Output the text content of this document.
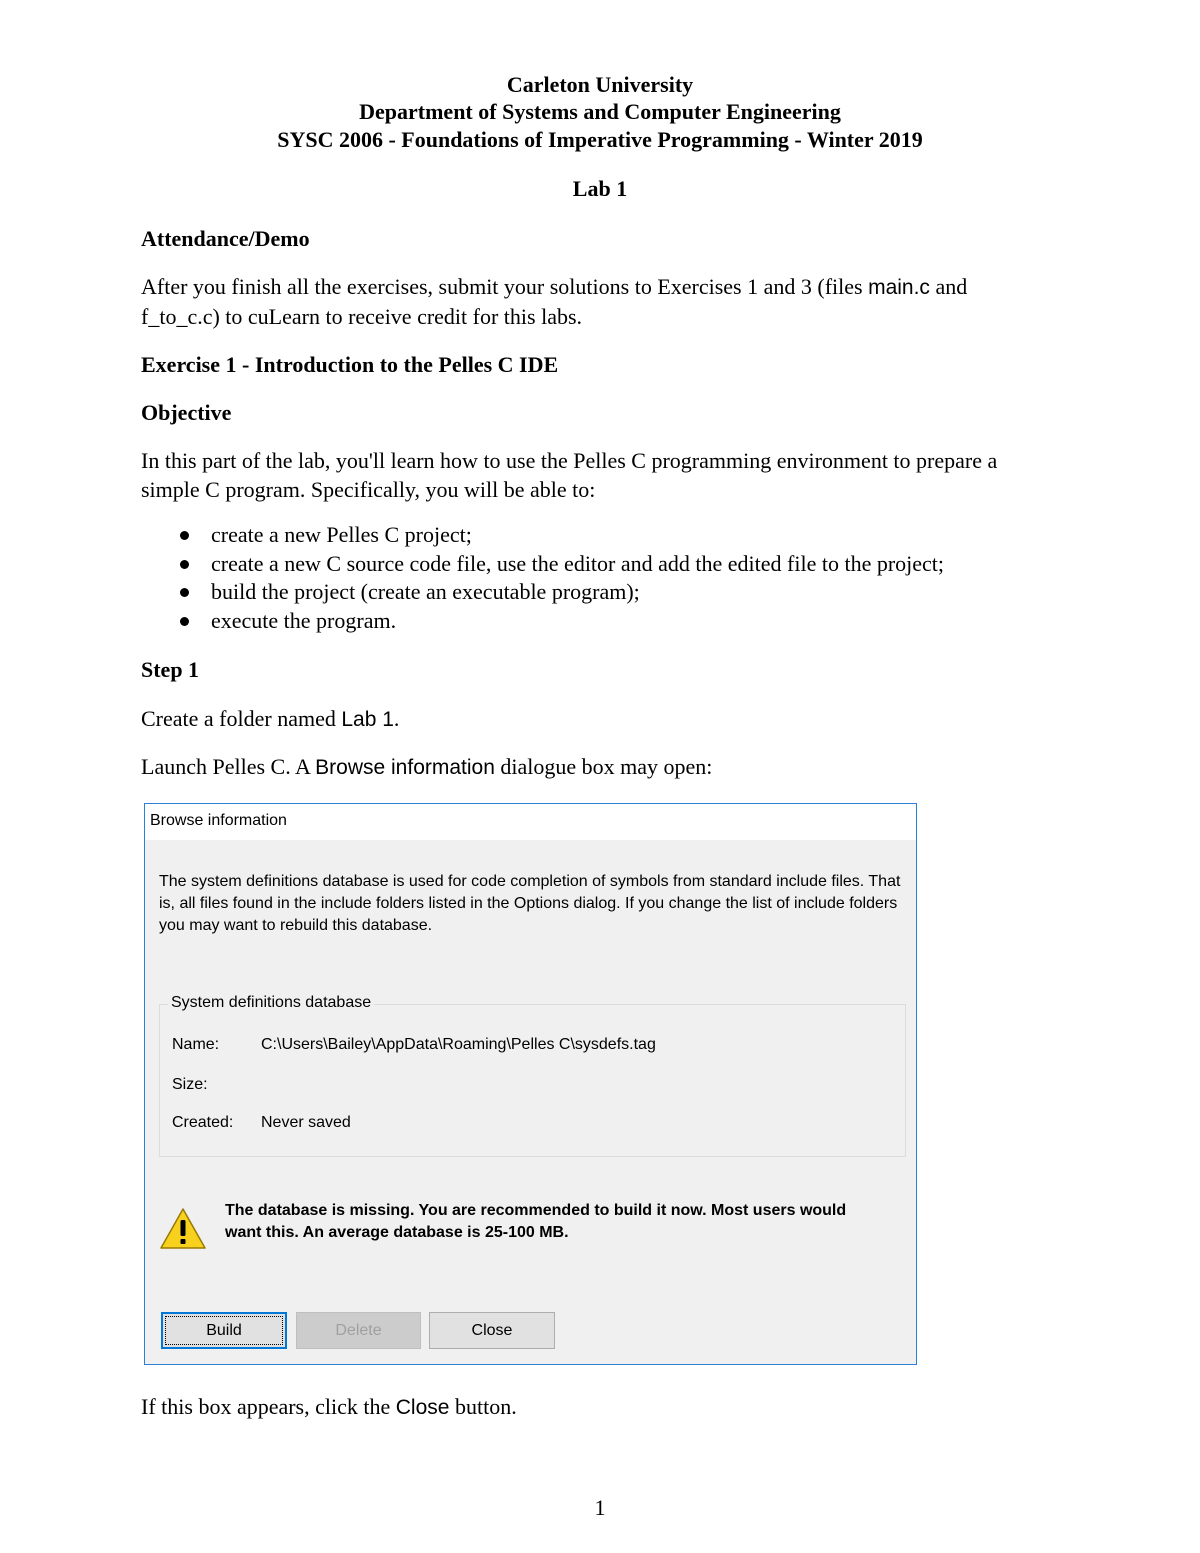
Carleton University
Department of Systems and Computer Engineering
SYSC 2006 - Foundations of Imperative Programming - Winter 2019
Lab 1
Attendance/Demo
After you finish all the exercises, submit your solutions to Exercises 1 and 3 (files main.c and
f_to_c.c) to cuLearn to receive credit for this labs.
Exercise 1 - Introduction to the Pelles C IDE
Objective
In this part of the lab, you'll learn how to use the Pelles C programming environment to prepare a
simple C program. Specifically, you will be able to:
create a new Pelles C project;
create a new C source code file, use the editor and add the edited file to the project;
build the project (create an executable program);
execute the program.
Step 1
Create a folder named Lab 1.
Launch Pelles C. A Browse information dialogue box may open:
Browse information
The system definitions database is used for code completion of symbols from standard include files. That is, all files found in the include folders listed in the Options dialog. If you change the list of include folders you may want to rebuild this database.
System definitions database
Name:	C:\Users\Bailey\AppData\Roaming\Pelles C\sysdefs.tag
Size:
Created: Never saved
The database is missing. You are recommended to build it now. Most users would want this. An average database is 25-100 MB.
Build	Delete	Close
If this box appears, click the Close button.
1
